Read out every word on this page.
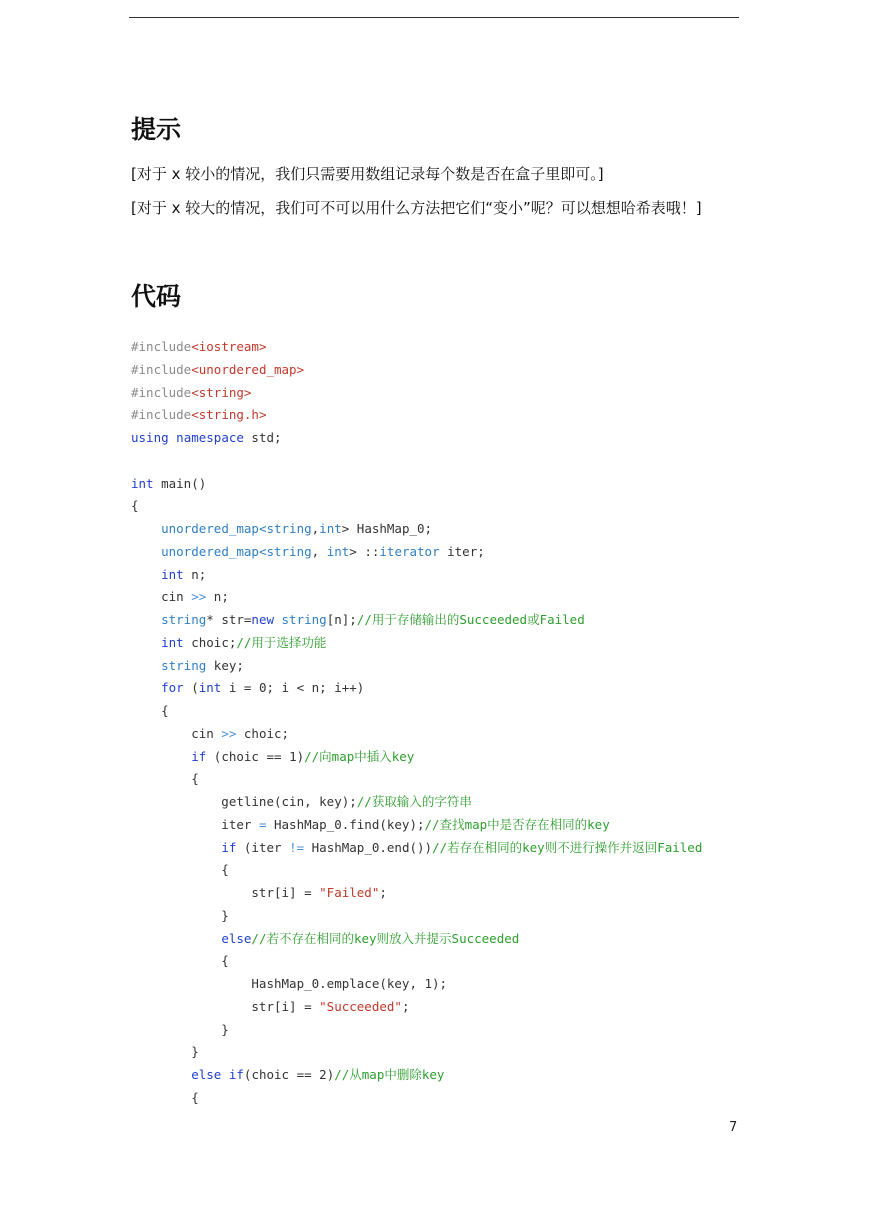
提示

[对于 x 较小的情况，我们只需要用数组记录每个数是否在盒子里即可。]

[对于 x 较大的情况，我们可不可以用什么方法把它们“变小”呢？可以想想哈希表哦！]

代码
#include<iostream>
#include<unordered_map>
#include<string>
#include<string.h>
using namespace std;
int main()
{
unordered_map<string,int> HashMap_0;
unordered_map<string, int> ::iterator iter;
int n;
cin >> n;
string* str=new string[n];//用于存储输出的Succeeded或Failed
int choic;//用于选择功能
string key;
for (int i = 0; i < n; i++)
{
cin >> choic;
if (choic == 1)//向map中插入key
{
getline(cin, key);//获取输入的字符串
iter = HashMap_0.find(key);//查找map中是否存在相同的key
if (iter != HashMap_0.end())//若存在相同的key则不进行操作并返回Failed
{
str[i] = "Failed";
}
else//若不存在相同的key则放入并提示Succeeded
{
HashMap_0.emplace(key, 1);
str[i] = "Succeeded";
}
}
else if(choic == 2)//从map中删除key
{
7
